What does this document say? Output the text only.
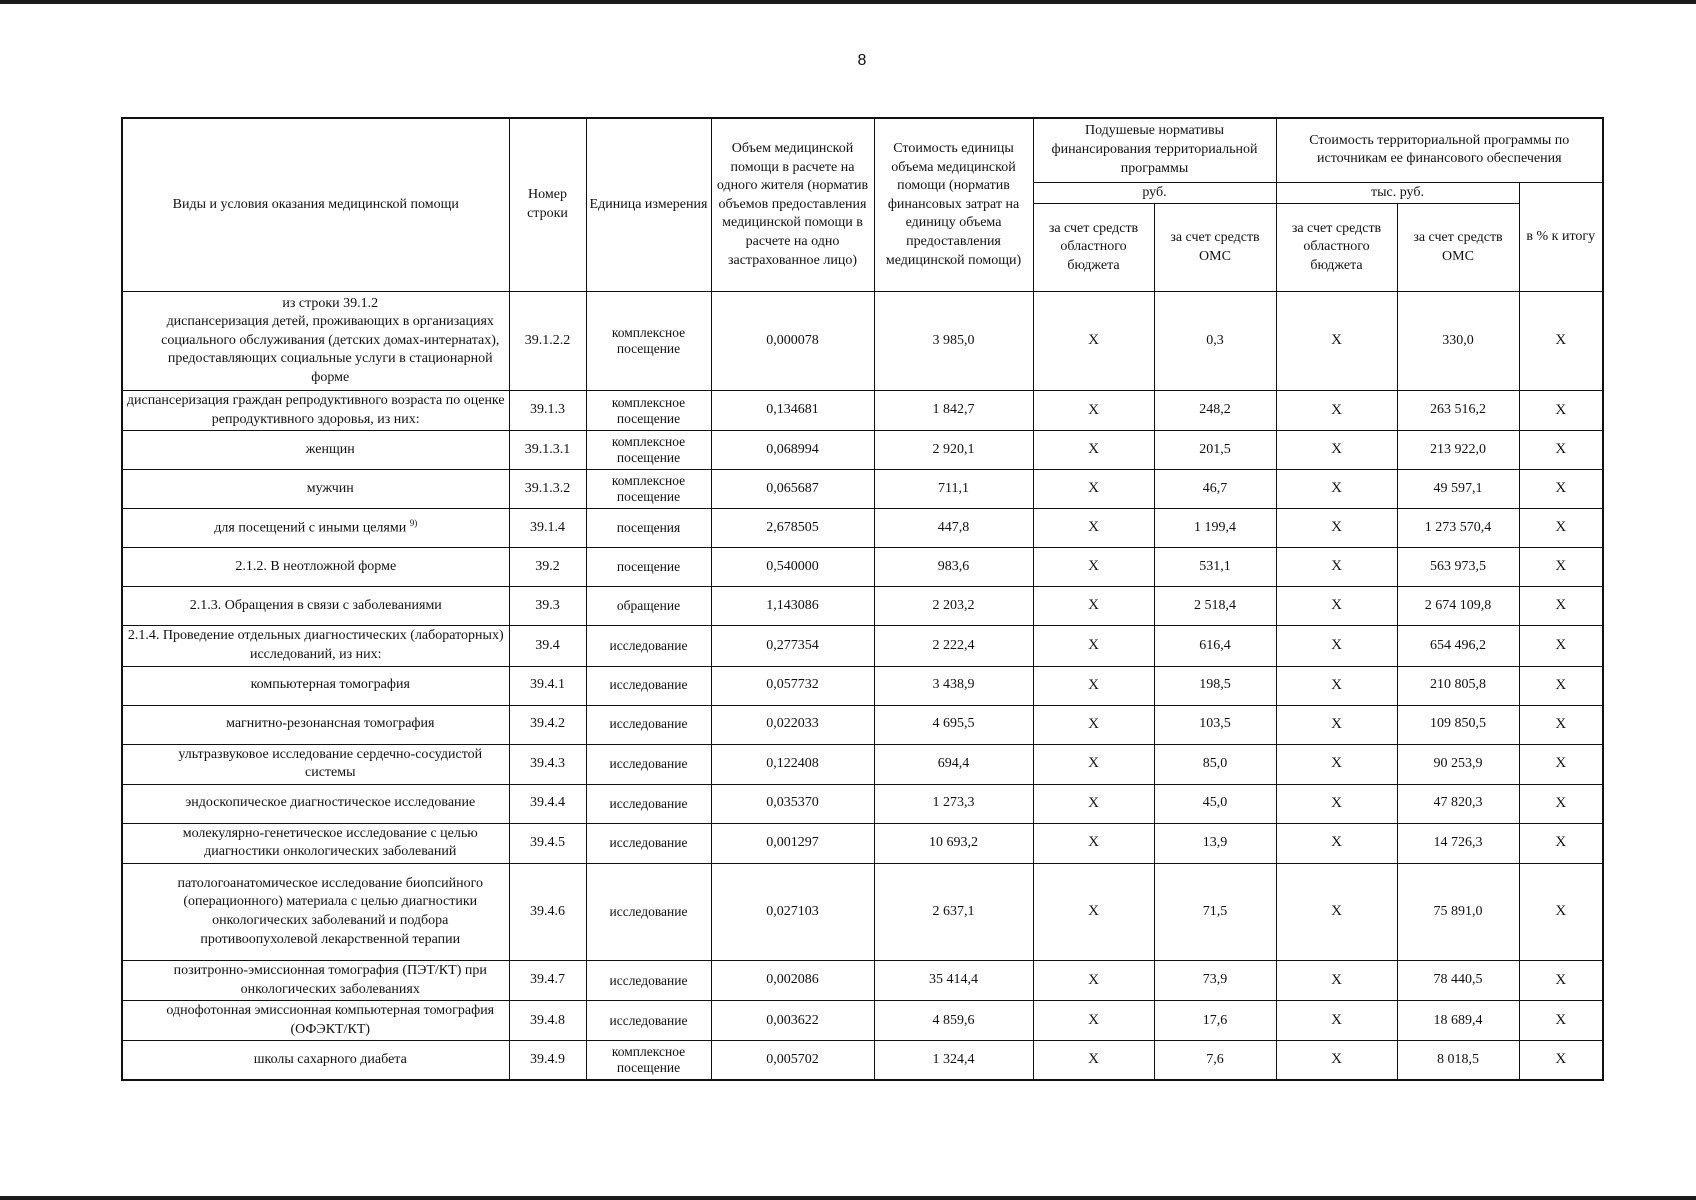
8
Виды и условия оказания медицинской помощи	Номер строки	Единица измерения	Объем медицинской помощи в расчете на одного жителя (норматив объемов предоставления медицинской помощи в расчете на одно застрахованное лицо)	Стоимость единицы объема медицинской помощи (норматив финансовых затрат на единицу объема предоставления медицинской помощи)	Подушевые нормативы финансирования территориальной программы		Стоимость территориальной программы по источникам ее финансового обеспечения		
					руб.		тыс. руб.		в % к итогу
					за счет средств областного бюджета	за счет средств ОМС	за счет средств областного бюджета	за счет средств ОМС	
из строки 39.1.2
диспансеризация детей, проживающих в организациях социального обслуживания (детских домах-интернатах), предоставляющих социальные услуги в стационарной форме	39.1.2.2	комплексное посещение	0,000078	3 985,0	Х	0,3	Х	330,0	Х
диспансеризация граждан репродуктивного возраста по оценке репродуктивного здоровья, из них:	39.1.3	комплексное посещение	0,134681	1 842,7	Х	248,2	Х	263 516,2	Х
женщин	39.1.3.1	комплексное посещение	0,068994	2 920,1	Х	201,5	Х	213 922,0	Х
мужчин	39.1.3.2	комплексное посещение	0,065687	711,1	Х	46,7	Х	49 597,1	Х
для посещений с иными целями $^{9)}$	39.1.4	посещения	2,678505	447,8	Х	1 199,4	Х	1 273 570,4	Х
2.1.2. В неотложной форме	39.2	посещение	0,540000	983,6	Х	531,1	Х	563 973,5	Х
2.1.3. Обращения в связи с заболеваниями	39.3	обращение	1,143086	2 203,2	Х	2 518,4	Х	2 674 109,8	Х
2.1.4. Проведение отдельных диагностических (лабораторных) исследований, из них:	39.4	исследование	0,277354	2 222,4	Х	616,4	Х	654 496,2	Х
компьютерная томография	39.4.1	исследование	0,057732	3 438,9	Х	198,5	Х	210 805,8	Х
магнитно-резонансная томография	39.4.2	исследование	0,022033	4 695,5	Х	103,5	Х	109 850,5	Х
ультразвуковое исследование сердечно-сосудистой системы	39.4.3	исследование	0,122408	694,4	Х	85,0	Х	90 253,9	Х
эндоскопическое диагностическое исследование	39.4.4	исследование	0,035370	1 273,3	Х	45,0	Х	47 820,3	Х
молекулярно-генетическое исследование с целью диагностики онкологических заболеваний	39.4.5	исследование	0,001297	10 693,2	Х	13,9	Х	14 726,3	Х
патологоанатомическое исследование биопсийного (операционного) материала с целью диагностики онкологических заболеваний и подбора противоопухолевой лекарственной терапии	39.4.6	исследование	0,027103	2 637,1	Х	71,5	Х	75 891,0	Х
позитронно-эмиссионная томография (ПЭТ/КТ) при онкологических заболеваниях	39.4.7	исследование	0,002086	35 414,4	Х	73,9	Х	78 440,5	Х
однофотонная эмиссионная компьютерная томография (ОФЭКТ/КТ)	39.4.8	исследование	0,003622	4 859,6	Х	17,6	Х	18 689,4	Х
школы сахарного диабета	39.4.9	комплексное посещение	0,005702	1 324,4	Х	7,6	Х	8 018,5	Х
